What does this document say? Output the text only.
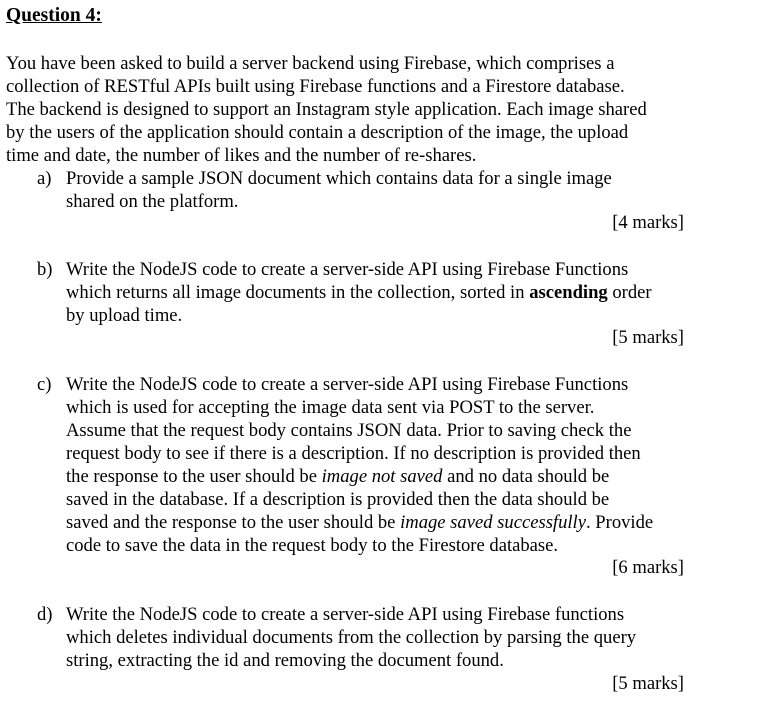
Question 4:
You have been asked to build a server backend using Firebase, which comprises a
collection of RESTful APIs built using Firebase functions and a Firestore database.
The backend is designed to support an Instagram style application. Each image shared
by the users of the application should contain a description of the image, the upload
time and date, the number of likes and the number of re-shares.
a) Provide a sample JSON document which contains data for a single image
shared on the platform.
[4 marks]
b) Write the NodeJS code to create a server-side API using Firebase Functions
which returns all image documents in the collection, sorted in ascending order
by upload time.
[5 marks]
c) Write the NodeJS code to create a server-side API using Firebase Functions
which is used for accepting the image data sent via POST to the server.
Assume that the request body contains JSON data. Prior to saving check the
request body to see if there is a description. If no description is provided then
the response to the user should be image not saved and no data should be
saved in the database. If a description is provided then the data should be
saved and the response to the user should be image saved successfully. Provide
code to save the data in the request body to the Firestore database.
[6 marks]
d) Write the NodeJS code to create a server-side API using Firebase functions
which deletes individual documents from the collection by parsing the query
string, extracting the id and removing the document found.
[5 marks]
